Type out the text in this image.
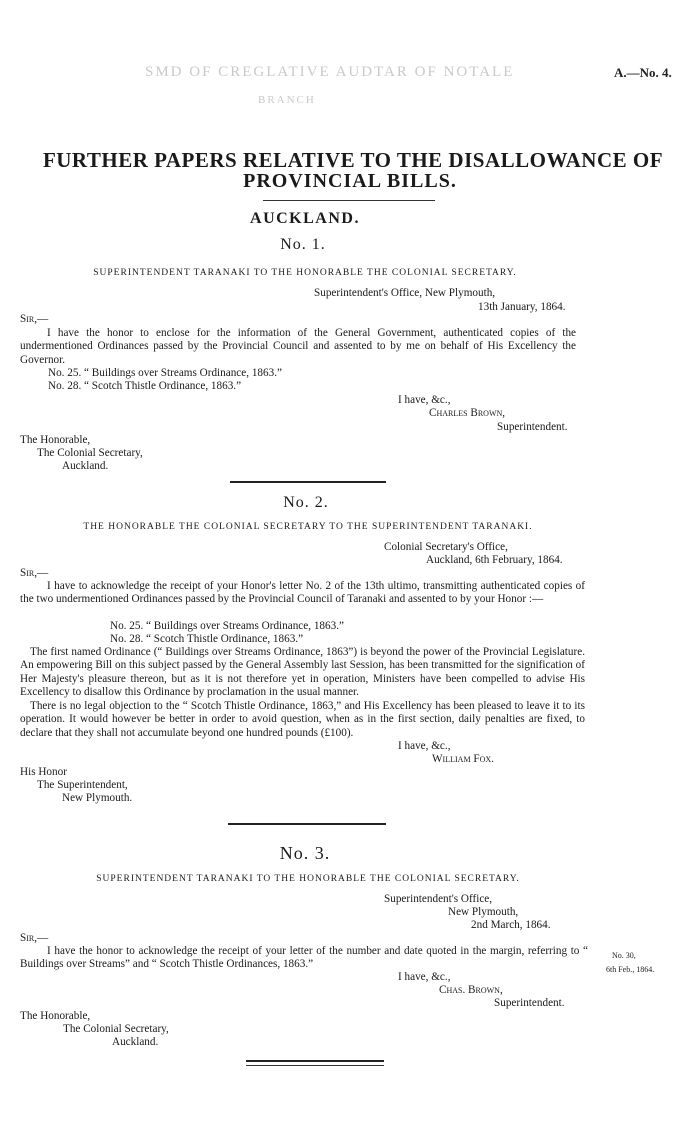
SMD OF CREGLATIVE AUDTAR OF NOTALE
BRANCH
A.—No. 4.
FURTHER PAPERS RELATIVE TO THE DISALLOWANCE OF
PROVINCIAL BILLS.
AUCKLAND.
No. 1.
SUPERINTENDENT TARANAKI TO THE HONORABLE THE COLONIAL SECRETARY.
Superintendent's Office, New Plymouth,
13th January, 1864.
Sir,—
I have the honor to enclose for the information of the General Government, authenticated copies of the undermentioned Ordinances passed by the Provincial Council and assented to by me on behalf of His Excellency the Governor.
No. 25. “ Buildings over Streams Ordinance, 1863.”
No. 28. “ Scotch Thistle Ordinance, 1863.”
I have, &c.,
Charles Brown,
Superintendent.
The Honorable,
The Colonial Secretary,
Auckland.
No. 2.
THE HONORABLE THE COLONIAL SECRETARY TO THE SUPERINTENDENT TARANAKI.
Colonial Secretary's Office,
Auckland, 6th February, 1864.
Sir,—
I have to acknowledge the receipt of your Honor's letter No. 2 of the 13th ultimo, transmitting authenticated copies of the two undermentioned Ordinances passed by the Provincial Council of Taranaki and assented to by your Honor :—
No. 25. “ Buildings over Streams Ordinance, 1863.”
No. 28. “ Scotch Thistle Ordinance, 1863.”
The first named Ordinance (“ Buildings over Streams Ordinance, 1863”) is beyond the power of the Provincial Legislature. An empowering Bill on this subject passed by the General Assembly last Session, has been transmitted for the signification of Her Majesty's pleasure thereon, but as it is not therefore yet in operation, Ministers have been compelled to advise His Excellency to disallow this Ordinance by proclamation in the usual manner.
There is no legal objection to the “ Scotch Thistle Ordinance, 1863,” and His Excellency has been pleased to leave it to its operation. It would however be better in order to avoid question, when as in the first section, daily penalties are fixed, to declare that they shall not accumulate beyond one hundred pounds (£100).
I have, &c.,
William Fox.
His Honor
The Superintendent,
New Plymouth.
No. 3.
SUPERINTENDENT TARANAKI TO THE HONORABLE THE COLONIAL SECRETARY.
Superintendent's Office,
New Plymouth,
2nd March, 1864.
Sir,—
I have the honor to acknowledge the receipt of your letter of the number and date quoted in the margin, referring to “ Buildings over Streams” and “ Scotch Thistle Ordinances, 1863.”
No. 30,
6th Feb., 1864.
I have, &c.,
Chas. Brown,
Superintendent.
The Honorable,
The Colonial Secretary,
Auckland.
